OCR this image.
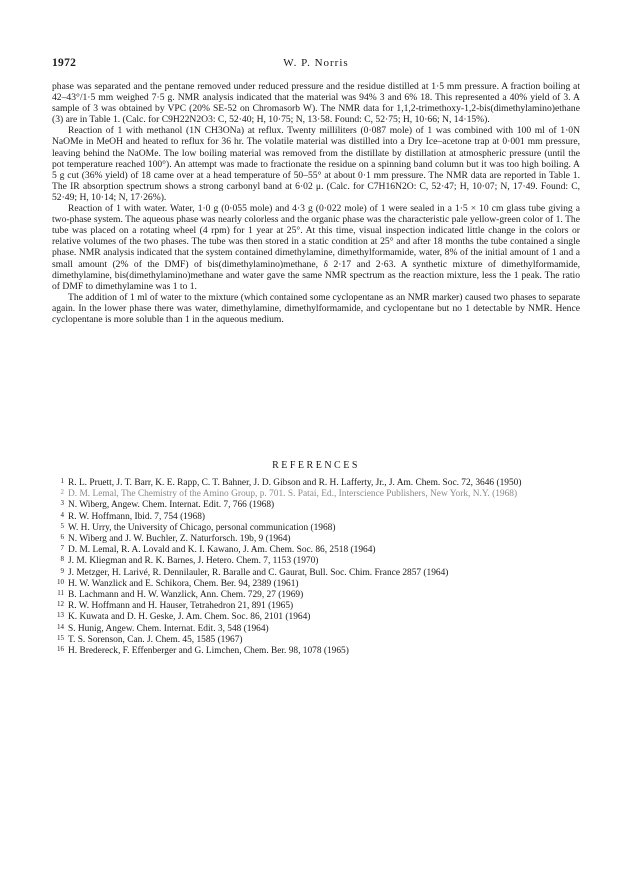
1972	W. P. Norris

phase was separated and the pentane removed under reduced pressure and the residue distilled at 1·5 mm pressure. A fraction boiling at 42–43°/1·5 mm weighed 7·5 g. NMR analysis indicated that the material was 94% 3 and 6% 18. This represented a 40% yield of 3. A sample of 3 was obtained by VPC (20% SE-52 on Chromasorb W). The NMR data for 1,1,2-trimethoxy-1,2-bis(dimethylamino)ethane (3) are in Table 1. (Calc. for C9H22N2O3: C, 52·40; H, 10·75; N, 13·58. Found: C, 52·75; H, 10·66; N, 14·15%).

Reaction of 1 with methanol (1N CH3ONa) at reflux. Twenty milliliters (0·087 mole) of 1 was combined with 100 ml of 1·0N NaOMe in MeOH and heated to reflux for 36 hr. The volatile material was distilled into a Dry Ice–acetone trap at 0·001 mm pressure, leaving behind the NaOMe. The low boiling material was removed from the distillate by distillation at atmospheric pressure (until the pot temperature reached 100°). An attempt was made to fractionate the residue on a spinning band column but it was too high boiling. A 5 g cut (36% yield) of 18 came over at a head temperature of 50–55° at about 0·1 mm pressure. The NMR data are reported in Table 1. The IR absorption spectrum shows a strong carbonyl band at 6·02 μ. (Calc. for C7H16N2O: C, 52·47; H, 10·07; N, 17·49. Found: C, 52·49; H, 10·14; N, 17·26%).

Reaction of 1 with water. Water, 1·0 g (0·055 mole) and 4·3 g (0·022 mole) of 1 were sealed in a 1·5 × 10 cm glass tube giving a two-phase system. The aqueous phase was nearly colorless and the organic phase was the characteristic pale yellow-green color of 1. The tube was placed on a rotating wheel (4 rpm) for 1 year at 25°. At this time, visual inspection indicated little change in the colors or relative volumes of the two phases. The tube was then stored in a static condition at 25° and after 18 months the tube contained a single phase. NMR analysis indicated that the system contained dimethylamine, dimethylformamide, water, 8% of the initial amount of 1 and a small amount (2% of the DMF) of bis(dimethylamino)methane, δ 2·17 and 2·63. A synthetic mixture of dimethylformamide, dimethylamine, bis(dimethylamino)methane and water gave the same NMR spectrum as the reaction mixture, less the 1 peak. The ratio of DMF to dimethylamine was 1 to 1.

The addition of 1 ml of water to the mixture (which contained some cyclopentane as an NMR marker) caused two phases to separate again. In the lower phase there was water, dimethylamine, dimethylformamide, and cyclopentane but no 1 detectable by NMR. Hence cyclopentane is more soluble than 1 in the aqueous medium.

REFERENCES
1 R. L. Pruett, J. T. Barr, K. E. Rapp, C. T. Bahner, J. D. Gibson and R. H. Lafferty, Jr., J. Am. Chem. Soc. 72, 3646 (1950)
2 D. M. Lemal, The Chemistry of the Amino Group, p. 701. S. Patai, Ed., Interscience Publishers, New York, N.Y. (1968)
3 N. Wiberg, Angew. Chem. Internat. Edit. 7, 766 (1968)
4 R. W. Hoffmann, Ibid. 7, 754 (1968)
5 W. H. Urry, the University of Chicago, personal communication (1968)
6 N. Wiberg and J. W. Buchler, Z. Naturforsch. 19b, 9 (1964)
7 D. M. Lemal, R. A. Lovald and K. I. Kawano, J. Am. Chem. Soc. 86, 2518 (1964)
8 J. M. Kliegman and R. K. Barnes, J. Hetero. Chem. 7, 1153 (1970)
9 J. Metzger, H. Larivé, R. Dennilauler, R. Baralle and C. Gaurat, Bull. Soc. Chim. France 2857 (1964)
10 H. W. Wanzlick and E. Schikora, Chem. Ber. 94, 2389 (1961)
11 B. Lachmann and H. W. Wanzlick, Ann. Chem. 729, 27 (1969)
12 R. W. Hoffmann and H. Hauser, Tetrahedron 21, 891 (1965)
13 K. Kuwata and D. H. Geske, J. Am. Chem. Soc. 86, 2101 (1964)
14 S. Hunig, Angew. Chem. Internat. Edit. 3, 548 (1964)
15 T. S. Sorenson, Can. J. Chem. 45, 1585 (1967)
16 H. Bredereck, F. Effenberger and G. Limchen, Chem. Ber. 98, 1078 (1965)
